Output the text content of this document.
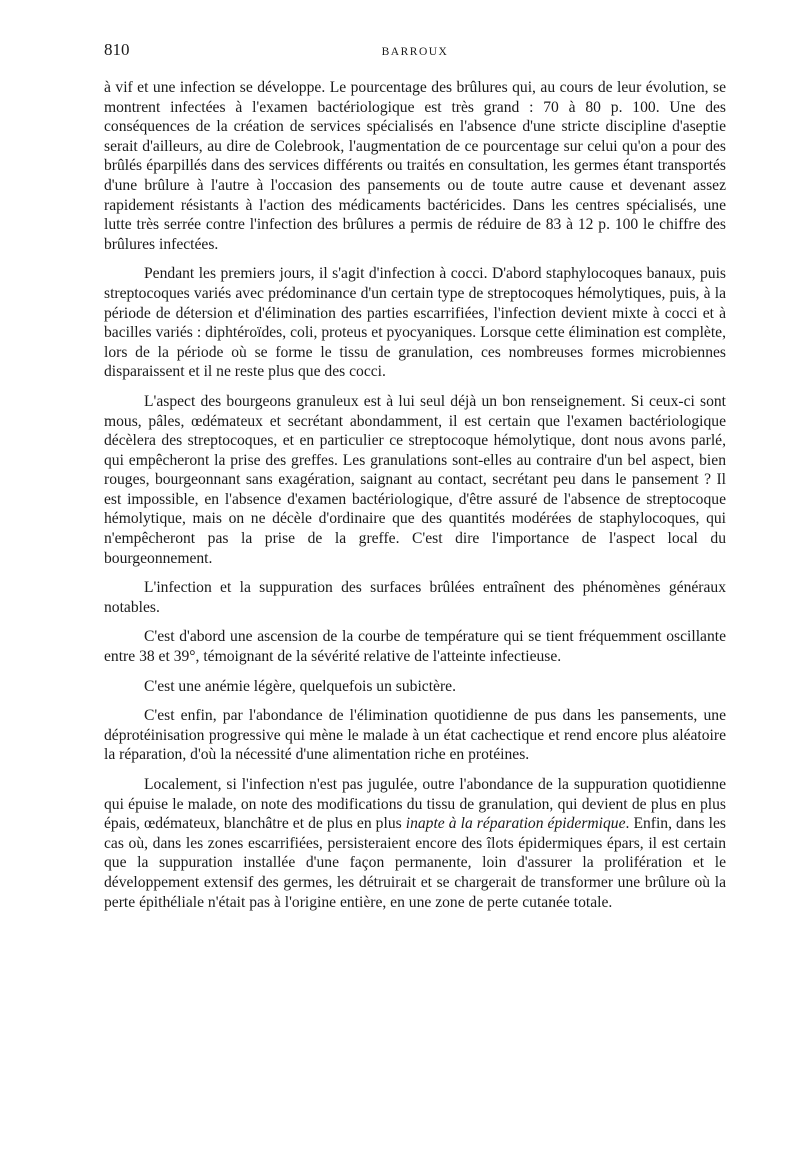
810	BARROUX

à vif et une infection se développe. Le pourcentage des brûlures qui, au cours de leur évolution, se montrent infectées à l'examen bactériologique est très grand : 70 à 80 p. 100. Une des conséquences de la création de services spécialisés en l'absence d'une stricte discipline d'aseptie serait d'ailleurs, au dire de Colebrook, l'augmentation de ce pourcentage sur celui qu'on a pour des brûlés éparpillés dans des services différents ou traités en consultation, les germes étant transportés d'une brûlure à l'autre à l'occasion des pansements ou de toute autre cause et devenant assez rapidement résistants à l'action des médicaments bactéricides. Dans les centres spécialisés, une lutte très serrée contre l'infection des brûlures a permis de réduire de 83 à 12 p. 100 le chiffre des brûlures infectées.

Pendant les premiers jours, il s'agit d'infection à cocci. D'abord staphylocoques banaux, puis streptocoques variés avec prédominance d'un certain type de streptocoques hémolytiques, puis, à la période de détersion et d'élimination des parties escarrifiées, l'infection devient mixte à cocci et à bacilles variés : diphtéroïdes, coli, proteus et pyocyaniques. Lorsque cette élimination est complète, lors de la période où se forme le tissu de granulation, ces nombreuses formes microbiennes disparaissent et il ne reste plus que des cocci.

L'aspect des bourgeons granuleux est à lui seul déjà un bon renseignement. Si ceux-ci sont mous, pâles, œdémateux et secrétant abondamment, il est certain que l'examen bactériologique décèlera des streptocoques, et en particulier ce streptocoque hémolytique, dont nous avons parlé, qui empêcheront la prise des greffes. Les granulations sont-elles au contraire d'un bel aspect, bien rouges, bourgeonnant sans exagération, saignant au contact, secrétant peu dans le pansement ? Il est impossible, en l'absence d'examen bactériologique, d'être assuré de l'absence de streptocoque hémolytique, mais on ne décèle d'ordinaire que des quantités modérées de staphylocoques, qui n'empêcheront pas la prise de la greffe. C'est dire l'importance de l'aspect local du bourgeonnement.

L'infection et la suppuration des surfaces brûlées entraînent des phénomènes généraux notables.

C'est d'abord une ascension de la courbe de température qui se tient fréquemment oscillante entre 38 et 39°, témoignant de la sévérité relative de l'atteinte infectieuse.

C'est une anémie légère, quelquefois un subictère.

C'est enfin, par l'abondance de l'élimination quotidienne de pus dans les pansements, une déprotéinisation progressive qui mène le malade à un état cachectique et rend encore plus aléatoire la réparation, d'où la nécessité d'une alimentation riche en protéines.

Localement, si l'infection n'est pas jugulée, outre l'abondance de la suppuration quotidienne qui épuise le malade, on note des modifications du tissu de granulation, qui devient de plus en plus épais, œdémateux, blanchâtre et de plus en plus inapte à la réparation épidermique. Enfin, dans les cas où, dans les zones escarrifiées, persisteraient encore des îlots épidermiques épars, il est certain que la suppuration installée d'une façon permanente, loin d'assurer la prolifération et le développement extensif des germes, les détruirait et se chargerait de transformer une brûlure où la perte épithéliale n'était pas à l'origine entière, en une zone de perte cutanée totale.
